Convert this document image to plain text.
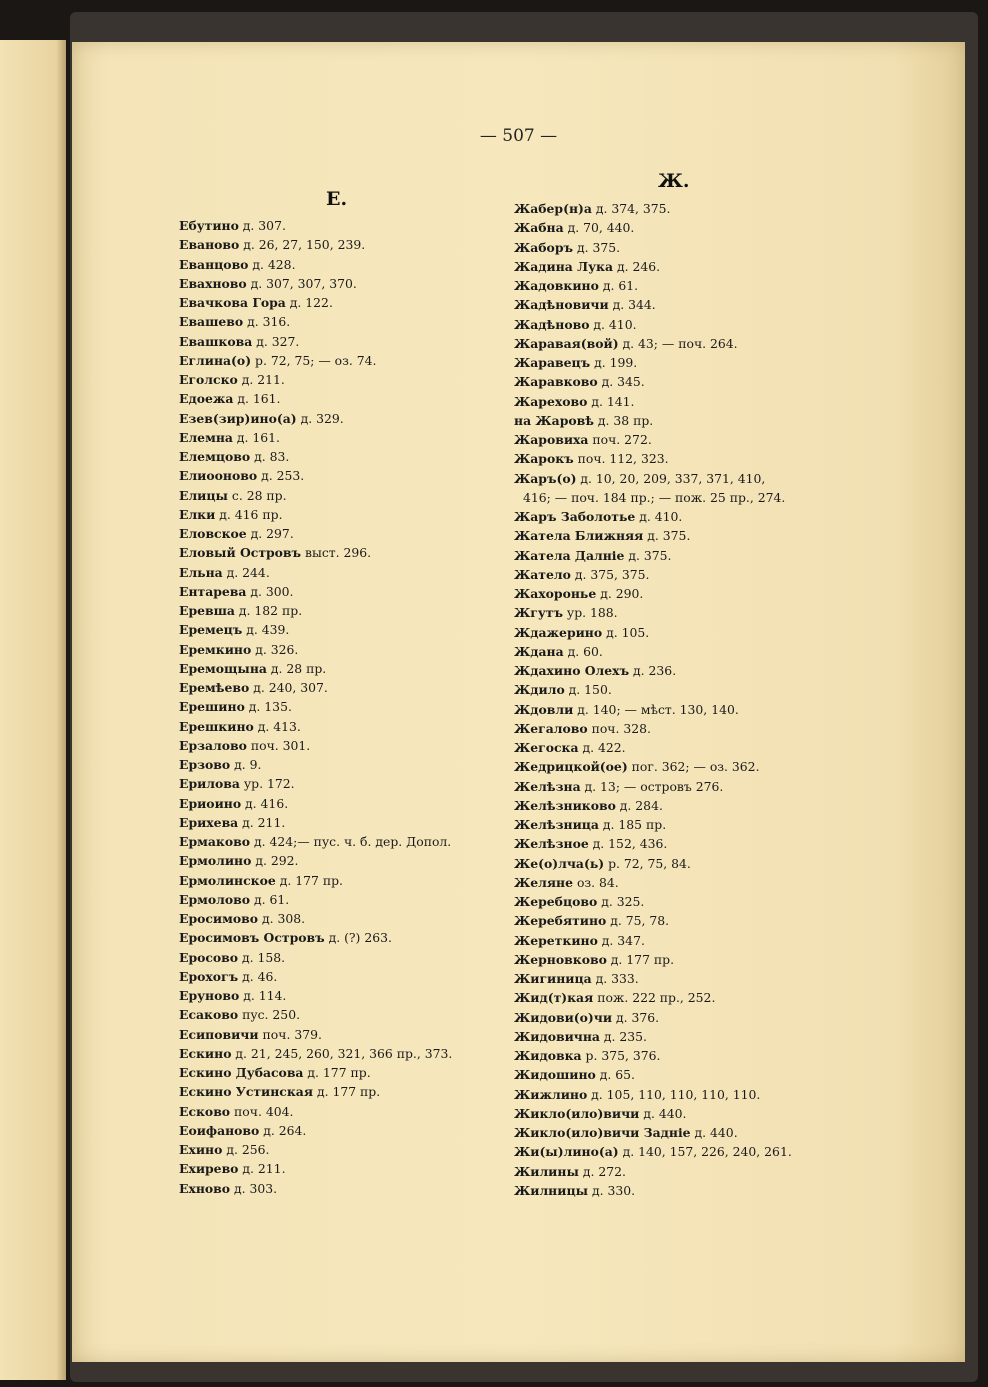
— 507 —
Е.
Ебутино д. 307.
Еваново д. 26, 27, 150, 239.
Еванцово д. 428.
Евахново д. 307, 307, 370.
Евачкова Гора д. 122.
Евашево д. 316.
Евашкова д. 327.
Еглина(о) р. 72, 75; — оз. 74.
Еголско д. 211.
Едоежа д. 161.
Езев(зир)ино(а) д. 329.
Елемна д. 161.
Елемцово д. 83.
Елиоонoво д. 253.
Елицы с. 28 пр.
Елки д. 416 пр.
Еловское д. 297.
Еловый Островъ выст. 296.
Ельна д. 244.
Ентарева д. 300.
Еревша д. 182 пр.
Еремецъ д. 439.
Еремкино д. 326.
Еремощына д. 28 пр.
Еремѣево д. 240, 307.
Ерешино д. 135.
Ерешкино д. 413.
Ерзалово поч. 301.
Ерзово д. 9.
Ерилова ур. 172.
Ериоино д. 416.
Ерихева д. 211.
Ермаково д. 424;— пус. ч. б. дер. Допол.
Ермолино д. 292.
Ермолинское д. 177 пр.
Ермолово д. 61.
Еросимово д. 308.
Еросимовъ Островъ д. (?) 263.
Еросово д. 158.
Ерохогъ д. 46.
Ерунoво д. 114.
Есаково пус. 250.
Есиповичи поч. 379.
Ескино д. 21, 245, 260, 321, 366 пр., 373.
Ескино Дубасова д. 177 пр.
Ескино Устинская д. 177 пр.
Есково поч. 404.
Еоифаново д. 264.
Ехино д. 256.
Ехирево д. 211.
Ехново д. 303.
Ж.
Жабер(н)а д. 374, 375.
Жабна д. 70, 440.
Жаборъ д. 375.
Жадина Лука д. 246.
Жадовкино д. 61.
Жадѣновичи д. 344.
Жадѣново д. 410.
Жаравая(вой) д. 43; — поч. 264.
Жаравецъ д. 199.
Жаравково д. 345.
Жарехово д. 141.
на Жаровѣ д. 38 пр.
Жаровиха поч. 272.
Жарокъ поч. 112, 323.
Жаръ(о) д. 10, 20, 209, 337, 371, 410,
416; — поч. 184 пр.; — пож. 25 пр., 274.
Жаръ Заболотье д. 410.
Жатела Ближняя д. 375.
Жатела Далніе д. 375.
Жатело д. 375, 375.
Жахоронье д. 290.
Жгутъ ур. 188.
Ждажерино д. 105.
Ждана д. 60.
Ждахино Олехъ д. 236.
Ждило д. 150.
Ждовли д. 140; — мѣст. 130, 140.
Жегалово поч. 328.
Жегоска д. 422.
Жедрицкой(ое) пог. 362; — оз. 362.
Желѣзна д. 13; — островъ 276.
Желѣзниково д. 284.
Желѣзница д. 185 пр.
Желѣзное д. 152, 436.
Же(о)лча(ь) р. 72, 75, 84.
Желяне оз. 84.
Жеребцово д. 325.
Жеребятино д. 75, 78.
Жереткино д. 347.
Жерновково д. 177 пр.
Жигиница д. 333.
Жид(т)кая пож. 222 пр., 252.
Жидови(о)чи д. 376.
Жидовична д. 235.
Жидовка р. 375, 376.
Жидошино д. 65.
Жижлино д. 105, 110, 110, 110, 110.
Жикло(ило)вичи д. 440.
Жикло(ило)вичи Задніе д. 440.
Жи(ы)лино(а) д. 140, 157, 226, 240, 261.
Жилины д. 272.
Жилницы д. 330.
